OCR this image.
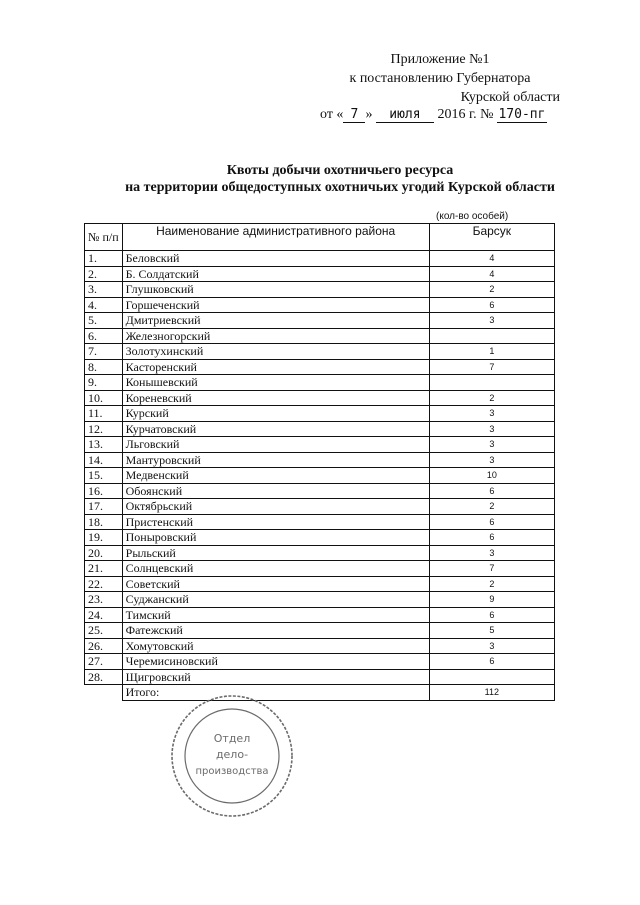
Приложение №1
к постановлению Губернатора
Курской области
от « 7 » июля 2016 г. № 170-пг
Квоты добычи охотничьего ресурса
на территории общедоступных охотничьих угодий Курской области
(кол-во особей)
№ п/п	Наименование административного района	Барсук
1.	Беловский	4
2.	Б. Солдатский	4
3.	Глушковский	2
4.	Горшеченский	6
5.	Дмитриевский	3
6.	Железногорский	
7.	Золотухинский	1
8.	Касторенский	7
9.	Конышевский	
10.	Кореневский	2
11.	Курский	3
12.	Курчатовский	3
13.	Льговский	3
14.	Мантуровский	3
15.	Медвенский	10
16.	Обоянский	6
17.	Октябрьский	2
18.	Пристенский	6
19.	Поныровский	6
20.	Рыльский	3
21.	Солнцевский	7
22.	Советский	2
23.	Суджанский	9
24.	Тимский	6
25.	Фатежский	5
26.	Хомутовский	3
27.	Черемисиновский	6
28.	Щигровский	
	Итого:	112
Отдел
дело-
производства
